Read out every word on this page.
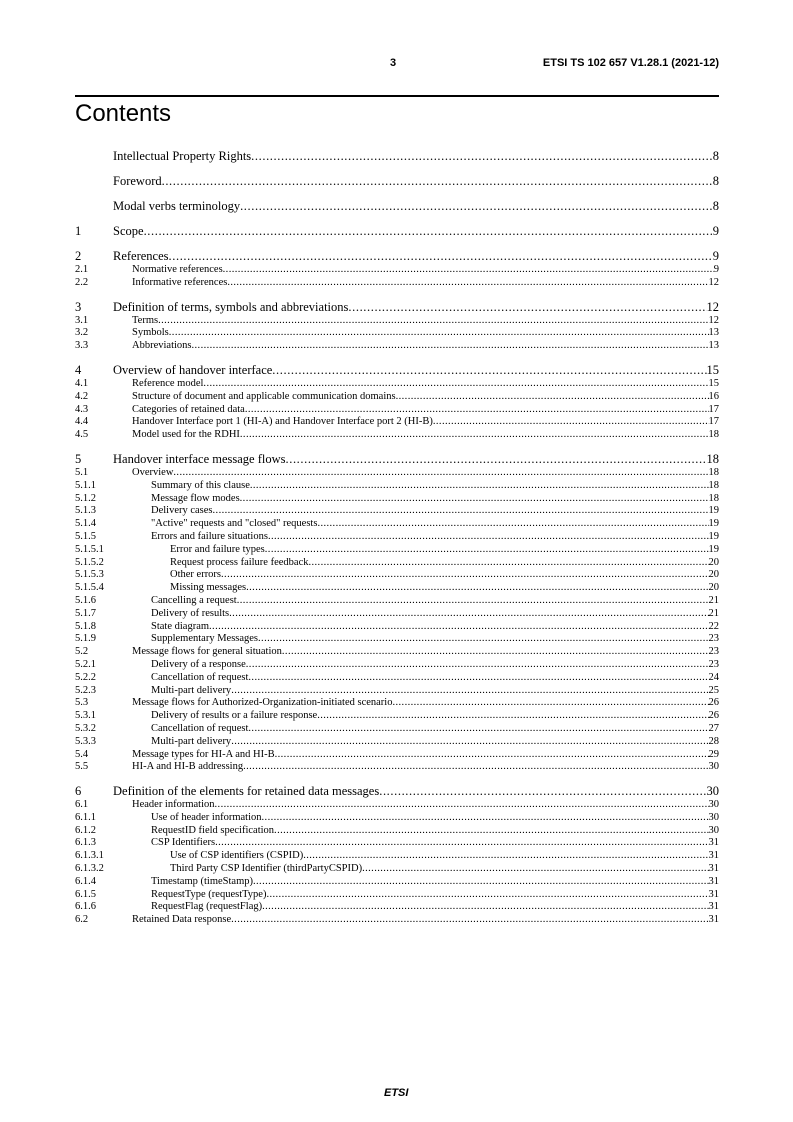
3	ETSI TS 102 657 V1.28.1 (2021-12)
Contents
Intellectual Property Rights .....	8
Foreword .....	8
Modal verbs terminology .....	8
1	Scope .....	9
2	References .....	9
2.1	Normative references .....	9
2.2	Informative references .....	12
3	Definition of terms, symbols and abbreviations .....	12
3.1	Terms .....	12
3.2	Symbols .....	13
3.3	Abbreviations .....	13
4	Overview of handover interface .....	15
4.1	Reference model .....	15
4.2	Structure of document and applicable communication domains .....	16
4.3	Categories of retained data .....	17
4.4	Handover Interface port 1 (HI-A) and Handover Interface port 2 (HI-B) .....	17
4.5	Model used for the RDHI .....	18
5	Handover interface message flows .....	18
5.1	Overview .....	18
5.1.1	Summary of this clause .....	18
5.1.2	Message flow modes .....	18
5.1.3	Delivery cases .....	19
5.1.4	"Active" requests and "closed" requests .....	19
5.1.5	Errors and failure situations .....	19
5.1.5.1	Error and failure types .....	19
5.1.5.2	Request process failure feedback .....	20
5.1.5.3	Other errors .....	20
5.1.5.4	Missing messages .....	20
5.1.6	Cancelling a request .....	21
5.1.7	Delivery of results .....	21
5.1.8	State diagram .....	22
5.1.9	Supplementary Messages .....	23
5.2	Message flows for general situation .....	23
5.2.1	Delivery of a response .....	23
5.2.2	Cancellation of request .....	24
5.2.3	Multi-part delivery .....	25
5.3	Message flows for Authorized-Organization-initiated scenario .....	26
5.3.1	Delivery of results or a failure response .....	26
5.3.2	Cancellation of request .....	27
5.3.3	Multi-part delivery .....	28
5.4	Message types for HI-A and HI-B .....	29
5.5	HI-A and HI-B addressing .....	30
6	Definition of the elements for retained data messages .....	30
6.1	Header information .....	30
6.1.1	Use of header information .....	30
6.1.2	RequestID field specification .....	30
6.1.3	CSP Identifiers .....	31
6.1.3.1	Use of CSP identifiers (CSPID) .....	31
6.1.3.2	Third Party CSP Identifier (thirdPartyCSPID) .....	31
6.1.4	Timestamp (timeStamp) .....	31
6.1.5	RequestType (requestType) .....	31
6.1.6	RequestFlag (requestFlag) .....	31
6.2	Retained Data response .....	31
ETSI
